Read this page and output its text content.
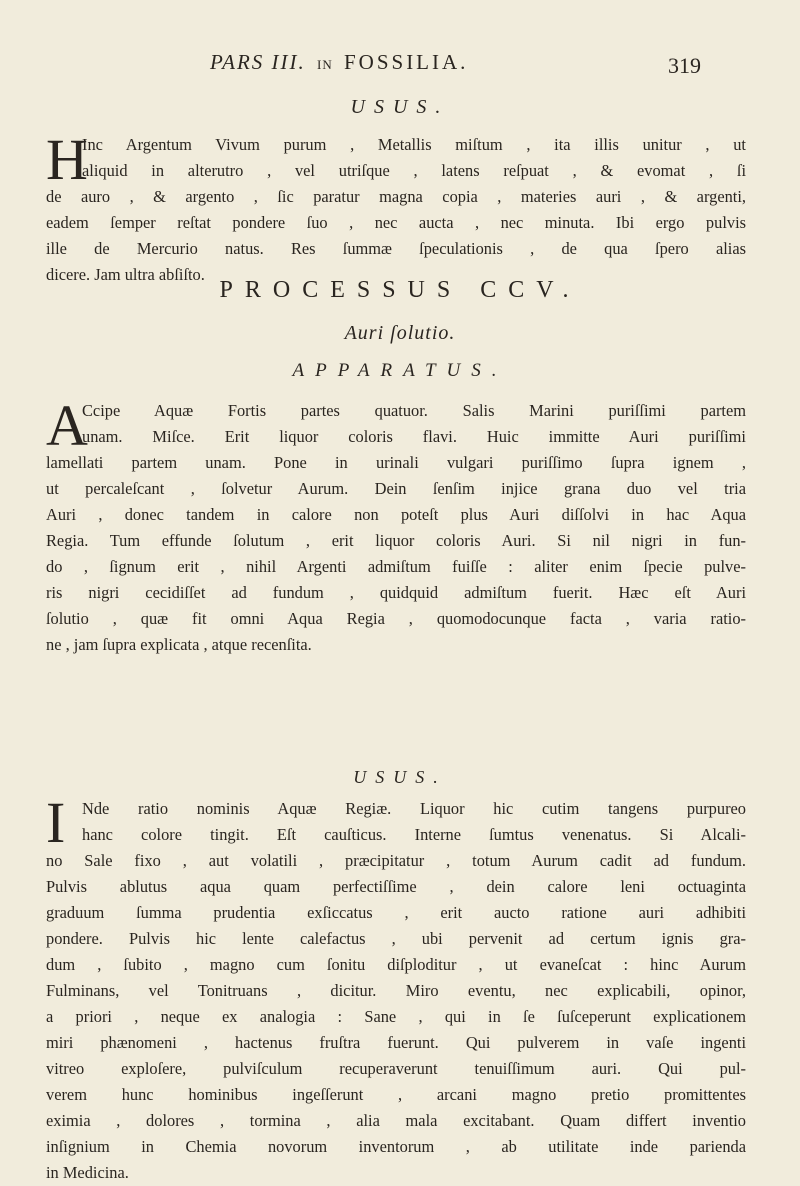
PARS III. IN FOSSILIA.	319
USUS.
H
Inc Argentum Vivum purum , Metallis miſtum , ita illis unitur , ut
aliquid in alterutro , vel utriſque , latens reſpuat , & evomat , ſi
de auro , & argento , ſic paratur magna copia , materies auri , & argenti,
eadem ſemper reſtat pondere ſuo , nec aucta , nec minuta. Ibi ergo pulvis
ille de Mercurio natus. Res ſummæ ſpeculationis , de qua ſpero alias
dicere. Jam ultra abſiſto.
PROCESSUS CCV.
Auri ſolutio.
APPARATUS.
A
Ccipe Aquæ Fortis partes quatuor. Salis Marini puriſſimi partem
unam. Miſce. Erit liquor coloris flavi. Huic immitte Auri puriſſimi
lamellati partem unam. Pone in urinali vulgari puriſſimo ſupra ignem ,
ut percaleſcant , ſolvetur Aurum. Dein ſenſim injice grana duo vel tria
Auri , donec tandem in calore non poteſt plus Auri diſſolvi in hac Aqua
Regia. Tum effunde ſolutum , erit liquor coloris Auri. Si nil nigri in fun-
do , ſignum erit , nihil Argenti admiſtum fuiſſe : aliter enim ſpecie pulve-
ris nigri cecidiſſet ad fundum , quidquid admiſtum fuerit. Hæc eſt Auri
ſolutio , quæ fit omni Aqua Regia , quomodocunque facta , varia ratio-
ne , jam ſupra explicata , atque recenſita.
USUS.
I	Nde ratio nominis Aquæ Regiæ. Liquor hic cutim tangens purpureo
hanc colore tingit. Eſt cauſticus. Interne ſumtus venenatus. Si Alcali-
no Sale fixo , aut volatili , præcipitatur , totum Aurum cadit ad fundum.
Pulvis ablutus aqua quam perfectiſſime , dein calore leni octuaginta
graduum ſumma prudentia exſiccatus , erit aucto ratione auri adhibiti
pondere. Pulvis hic lente calefactus , ubi pervenit ad certum ignis gra-
dum , ſubito , magno cum ſonitu diſploditur , ut evaneſcat : hinc Aurum
Fulminans, vel Tonitruans , dicitur. Miro eventu, nec explicabili, opinor,
a priori , neque ex analogia : Sane , qui in ſe ſuſceperunt explicationem
miri phænomeni , hactenus fruſtra fuerunt. Qui pulverem in vaſe ingenti
vitreo exploſere, pulviſculum recuperaverunt tenuiſſimum auri. Qui pul-
verem hunc hominibus ingeſſerunt , arcani magno pretio promittentes
eximia , dolores , tormina , alia mala excitabant. Quam differt inventio
inſignium in Chemia novorum inventorum , ab utilitate inde parienda
in Medicina.
